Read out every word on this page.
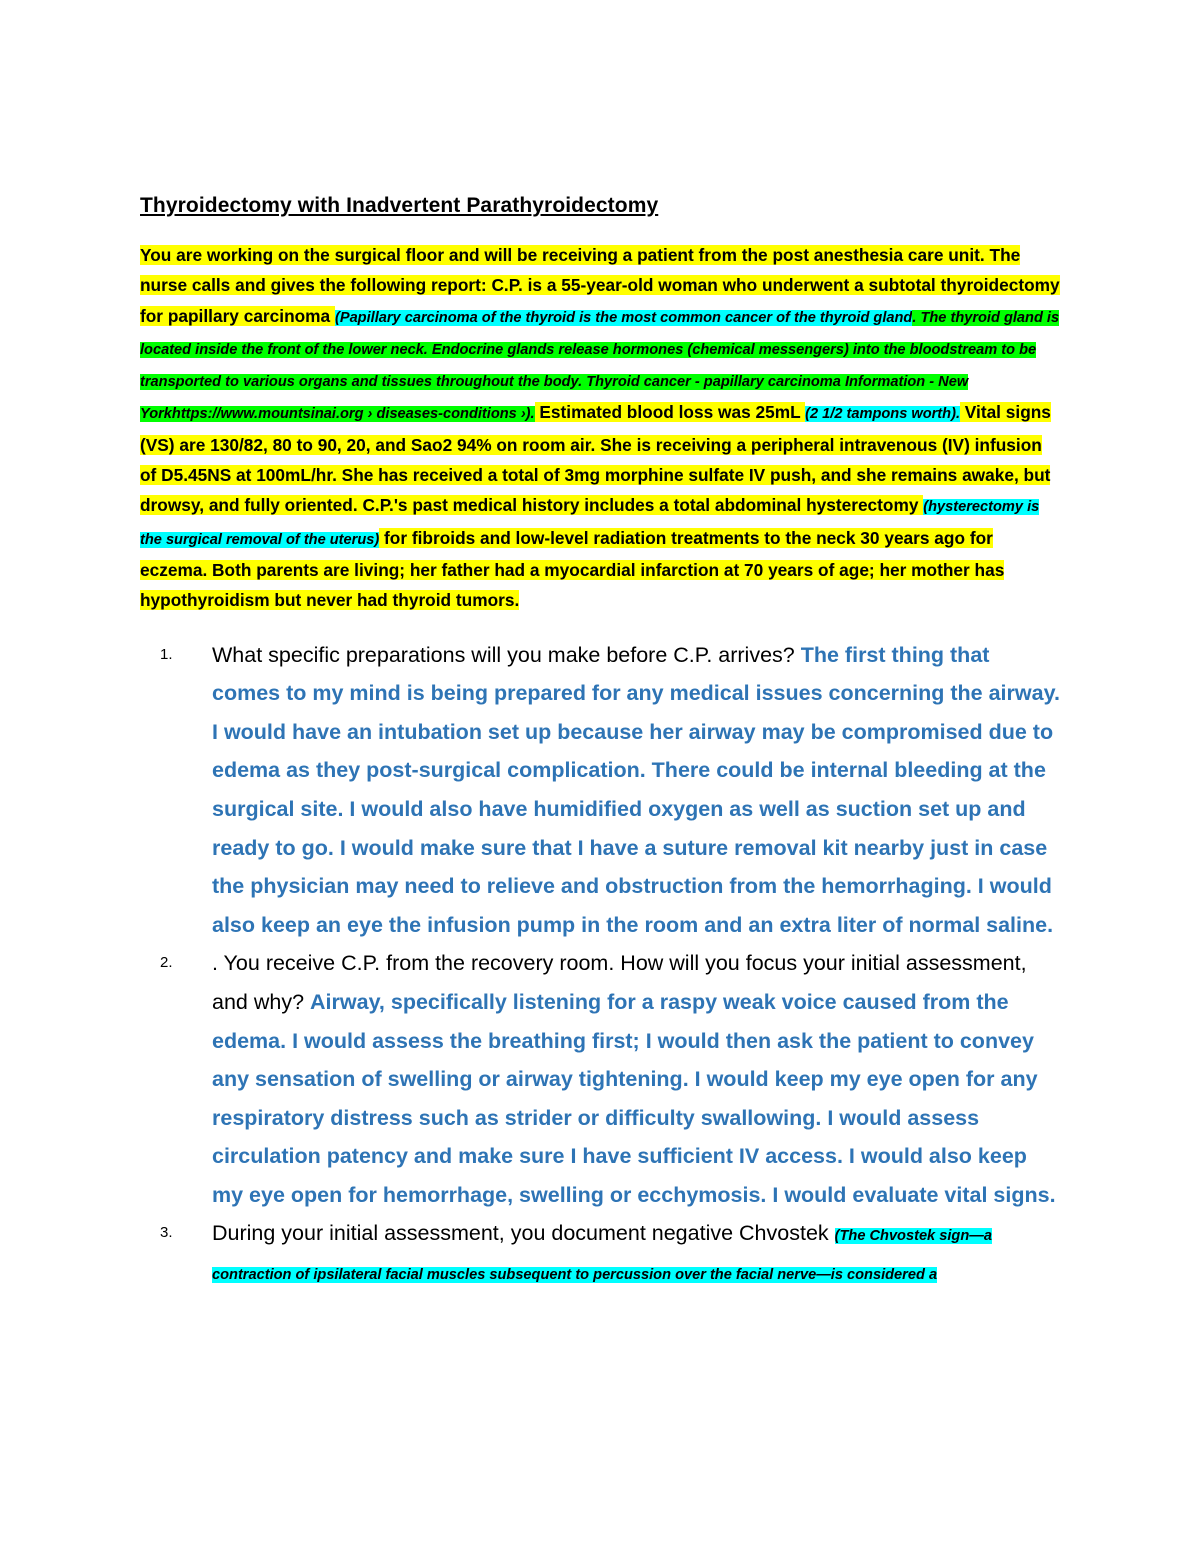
Thyroidectomy with Inadvertent Parathyroidectomy

You are working on the surgical floor and will be receiving a patient from the post anesthesia care unit. The nurse calls and gives the following report: C.P. is a 55-year-old woman who underwent a subtotal thyroidectomy for papillary carcinoma (Papillary carcinoma of the thyroid is the most common cancer of the thyroid gland. The thyroid gland is located inside the front of the lower neck. Endocrine glands release hormones (chemical messengers) into the bloodstream to be transported to various organs and tissues throughout the body. Thyroid cancer - papillary carcinoma Information - New Yorkhttps://www.mountsinai.org › diseases-conditions ›). Estimated blood loss was 25mL (2 1/2 tampons worth). Vital signs (VS) are 130/82, 80 to 90, 20, and Sao2 94% on room air. She is receiving a peripheral intravenous (IV) infusion of D5.45NS at 100mL/hr. She has received a total of 3mg morphine sulfate IV push, and she remains awake, but drowsy, and fully oriented. C.P.'s past medical history includes a total abdominal hysterectomy (hysterectomy is the surgical removal of the uterus) for fibroids and low-level radiation treatments to the neck 30 years ago for eczema. Both parents are living; her father had a myocardial infarction at 70 years of age; her mother has hypothyroidism but never had thyroid tumors.

1. What specific preparations will you make before C.P. arrives? The first thing that comes to my mind is being prepared for any medical issues concerning the airway. I would have an intubation set up because her airway may be compromised due to edema as they post-surgical complication. There could be internal bleeding at the surgical site. I would also have humidified oxygen as well as suction set up and ready to go. I would make sure that I have a suture removal kit nearby just in case the physician may need to relieve and obstruction from the hemorrhaging. I would also keep an eye the infusion pump in the room and an extra liter of normal saline.
2. . You receive C.P. from the recovery room. How will you focus your initial assessment, and why? Airway, specifically listening for a raspy weak voice caused from the edema. I would assess the breathing first; I would then ask the patient to convey any sensation of swelling or airway tightening. I would keep my eye open for any respiratory distress such as strider or difficulty swallowing. I would assess circulation patency and make sure I have sufficient IV access. I would also keep my eye open for hemorrhage, swelling or ecchymosis. I would evaluate vital signs.
3. During your initial assessment, you document negative Chvostek (The Chvostek sign—a contraction of ipsilateral facial muscles subsequent to percussion over the facial nerve—is considered a
